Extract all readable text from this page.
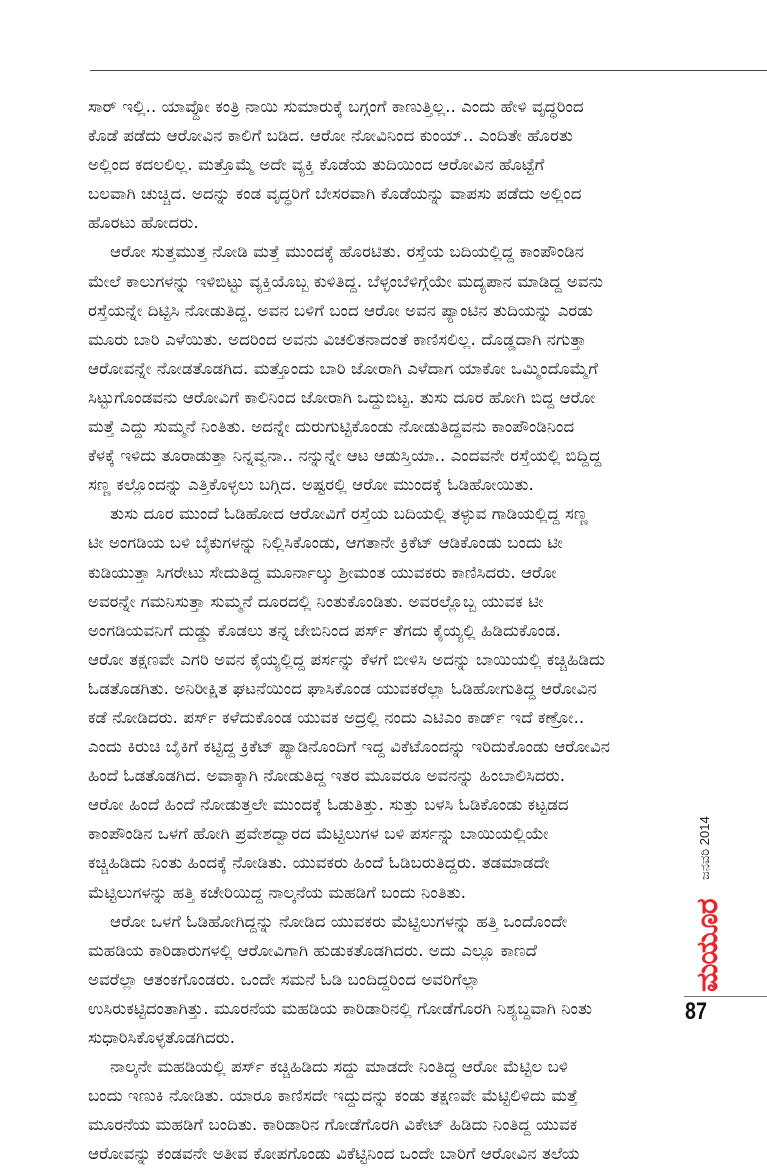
ಸಾರ್ ಇಲ್ಲಿ.. ಯಾವ್ದೋ ಕಂತ್ರಿ ನಾಯಿ ಸುಮಾರುಕ್ಕೆ ಬಗ್ಗಂಗೆ ಕಾಣುತ್ತಿಲ್ಲ.. ಎಂದು ಹೇಳಿ ವೃದ್ಧರಿಂದ
ಕೊಡೆ ಪಡೆದು ಆರೋವಿನ ಕಾಲಿಗೆ ಬಡಿದ. ಆರೋ ನೋವಿನಿಂದ ಕುಂಯ್.. ಎಂದಿತೇ ಹೊರತು
ಅಲ್ಲಿಂದ ಕದಲಲಿಲ್ಲ. ಮತ್ತೊಮ್ಮೆ ಅದೇ ವ್ಯಕ್ತಿ ಕೊಡೆಯ ತುದಿಯಿಂದ ಆರೋವಿನ ಹೊಟ್ಟೆಗೆ
ಬಲವಾಗಿ ಚುಚ್ಚಿದ. ಅದನ್ನು ಕಂಡ ವೃದ್ಧರಿಗೆ ಬೇಸರವಾಗಿ ಕೊಡೆಯನ್ನು ವಾಪಸು ಪಡೆದು ಅಲ್ಲಿಂದ
ಹೊರಟು ಹೋದರು.
ಆರೋ ಸುತ್ತಮುತ್ತ ನೋಡಿ ಮತ್ತೆ ಮುಂದಕ್ಕೆ ಹೊರಟಿತು. ರಸ್ತೆಯ ಬದಿಯಲ್ಲಿದ್ದ ಕಾಂಪೌಂಡಿನ
ಮೇಲೆ ಕಾಲುಗಳನ್ನು ಇಳಿಬಿಟ್ಟು ವ್ಯಕ್ತಿಯೊಬ್ಬ ಕುಳಿತಿದ್ದ. ಬೆಳ್ಳಂಬೆಳಿಗ್ಗೆಯೇ ಮದ್ಯಪಾನ ಮಾಡಿದ್ದ ಅವನು
ರಸ್ತೆಯನ್ನೇ ದಿಟ್ಟಿಸಿ ನೋಡುತಿದ್ದ. ಅವನ ಬಳಿಗೆ ಬಂದ ಆರೋ ಅವನ ಪ್ಯಾಂಟಿನ ತುದಿಯನ್ನು ಎರಡು
ಮೂರು ಬಾರಿ ಎಳೆಯಿತು. ಅದರಿಂದ ಅವನು ವಿಚಲಿತನಾದಂತೆ ಕಾಣಿಸಲಿಲ್ಲ. ದೊಡ್ಡದಾಗಿ ನಗುತ್ತಾ
ಆರೋವನ್ನೇ ನೋಡತೊಡಗಿದ. ಮತ್ತೊಂದು ಬಾರಿ ಜೋರಾಗಿ ಎಳೆದಾಗ ಯಾಕೋ ಒಮ್ಮಿಂದೊಮ್ಮೆಗೆ
ಸಿಟ್ಟುಗೊಂಡವನು ಆರೋವಿಗೆ ಕಾಲಿನಿಂದ ಜೋರಾಗಿ ಒದ್ದುಬಿಟ್ಟ. ತುಸು ದೂರ ಹೋಗಿ ಬಿದ್ದ ಆರೋ
ಮತ್ತೆ ಎದ್ದು ಸುಮ್ಮನೆ ನಿಂತಿತು. ಅದನ್ನೇ ದುರುಗುಟ್ಟಿಕೊಂಡು ನೋಡುತಿದ್ದವನು ಕಾಂಪೌಂಡಿನಿಂದ
ಕೆಳಕ್ಕೆ ಇಳಿದು ತೂರಾಡುತ್ತಾ ನಿನ್ನವ್ವನಾ.. ನನ್ನುನ್ನೇ ಆಟ ಆಡುಸ್ತಿಯಾ.. ಎಂದವನೇ ರಸ್ತೆಯಲ್ಲಿ ಬಿದ್ದಿದ್ದ
ಸಣ್ಣ ಕಲ್ಲೊಂದನ್ನು ಎತ್ತಿಕೊಳ್ಳಲು ಬಗ್ಗಿದ. ಅಷ್ಟರಲ್ಲಿ ಆರೋ ಮುಂದಕ್ಕೆ ಓಡಿಹೋಯಿತು.
ತುಸು ದೂರ ಮುಂದೆ ಓಡಿಹೋದ ಆರೋವಿಗೆ ರಸ್ತೆಯ ಬದಿಯಲ್ಲಿ ತಳ್ಳುವ ಗಾಡಿಯಲ್ಲಿದ್ದ ಸಣ್ಣ
ಟೀ ಅಂಗಡಿಯ ಬಳಿ ಬೈಕುಗಳನ್ನು ನಿಲ್ಲಿಸಿಕೊಂಡು, ಆಗತಾನೇ ಕ್ರಿಕೆಟ್ ಆಡಿಕೊಂಡು ಬಂದು ಟೀ
ಕುಡಿಯುತ್ತಾ ಸಿಗರೇಟು ಸೇದುತಿದ್ದ ಮೂರ್ನಾಲ್ಕು ಶ್ರೀಮಂತ ಯುವಕರು ಕಾಣಿಸಿದರು. ಆರೋ
ಅವರನ್ನೇ ಗಮನಿಸುತ್ತಾ ಸುಮ್ಮನೆ ದೂರದಲ್ಲಿ ನಿಂತುಕೊಂಡಿತು. ಅವರಲ್ಲೊಬ್ಬ ಯುವಕ ಟೀ
ಅಂಗಡಿಯವನಿಗೆ ದುಡ್ಡು ಕೊಡಲು ತನ್ನ ಜೇಬಿನಿಂದ ಪರ್ಸ್ ತೆಗದು ಕೈಯ್ಯಲ್ಲಿ ಹಿಡಿದುಕೊಂಡ.
ಆರೋ ತಕ್ಷಣವೇ ಎಗರಿ ಅವನ ಕೈಯ್ಯಲ್ಲಿದ್ದ ಪರ್ಸನ್ನು ಕೆಳಗೆ ಬೀಳಿಸಿ ಅದನ್ನು ಬಾಯಿಯಲ್ಲಿ ಕಚ್ಚಿಹಿಡಿದು
ಓಡತೊಡಗಿತು. ಅನಿರೀಕ್ಷಿತ ಘಟನೆಯಿಂದ ಘಾಸಿಕೊಂಡ ಯುವಕರೆಲ್ಲಾ ಓಡಿಹೋಗುತಿದ್ದ ಆರೋವಿನ
ಕಡೆ ನೋಡಿದರು. ಪರ್ಸ್ ಕಳೆದುಕೊಂಡ ಯುವಕ ಅದ್ರಲ್ಲಿ ನಂದು ಎಟಿಎಂ ಕಾರ್ಡ್ ಇದೆ ಕಣ್ರೋ..
ಎಂದು ಕಿರುಚಿ ಬೈಕಿಗೆ ಕಟ್ಟಿದ್ದ ಕ್ರಿಕೆಟ್ ಪ್ಯಾಡಿನೊಂದಿಗೆ ಇದ್ದ ವಿಕೆಟೊಂದನ್ನು ಇರಿದುಕೊಂಡು ಆರೋವಿನ
ಹಿಂದೆ ಓಡತೊಡಗಿದ. ಅವಾಕ್ಕಾಗಿ ನೋಡುತಿದ್ದ ಇತರ ಮೂವರೂ ಅವನನ್ನು ಹಿಂಬಾಲಿಸಿದರು.
ಆರೋ ಹಿಂದೆ ಹಿಂದೆ ನೋಡುತ್ತಲೇ ಮುಂದಕ್ಕೆ ಓಡುತಿತ್ತು. ಸುತ್ತು ಬಳಸಿ ಓಡಿಕೊಂಡು ಕಟ್ಟಡದ
ಕಾಂಪೌಂಡಿನ ಒಳಗೆ ಹೋಗಿ ಪ್ರವೇಶದ್ವಾರದ ಮೆಟ್ಟಿಲುಗಳ ಬಳಿ ಪರ್ಸನ್ನು ಬಾಯಿಯಲ್ಲಿಯೇ
ಕಚ್ಚಿಹಿಡಿದು ನಿಂತು ಹಿಂದಕ್ಕೆ ನೋಡಿತು. ಯುವಕರು ಹಿಂದೆ ಓಡಿಬರುತಿದ್ದರು. ತಡಮಾಡದೇ
ಮೆಟ್ಟಿಲುಗಳನ್ನು ಹತ್ತಿ ಕಚೇರಿಯಿದ್ದ ನಾಲ್ಕನೆಯ ಮಹಡಿಗೆ ಬಂದು ನಿಂತಿತು.
ಆರೋ ಒಳಗೆ ಓಡಿಹೋಗಿದ್ದನ್ನು ನೋಡಿದ ಯುವಕರು ಮೆಟ್ಟಿಲುಗಳನ್ನು ಹತ್ತಿ ಒಂದೊಂದೇ
ಮಹಡಿಯ ಕಾರಿಡಾರುಗಳಲ್ಲಿ ಆರೋವಿಗಾಗಿ ಹುಡುಕತೊಡಗಿದರು. ಅದು ಎಲ್ಲೂ ಕಾಣದೆ
ಅವರೆಲ್ಲಾ ಆತಂಕಗೊಂಡರು. ಒಂದೇ ಸಮನೆ ಓಡಿ ಬಂದಿದ್ದರಿಂದ ಅವರಿಗೆಲ್ಲಾ
ಉಸಿರುಕಟ್ಟಿದಂತಾಗಿತ್ತು. ಮೂರನೆಯ ಮಹಡಿಯ ಕಾರಿಡಾರಿನಲ್ಲಿ ಗೋಡೆಗೊರಗಿ ನಿಶ್ಯಬ್ದವಾಗಿ ನಿಂತು
ಸುಧಾರಿಸಿಕೊಳ್ಳತೊಡಗಿದರು.
ನಾಲ್ಕನೇ ಮಹಡಿಯಲ್ಲಿ ಪರ್ಸ್ ಕಚ್ಚಿಹಿಡಿದು ಸದ್ದು ಮಾಡದೇ ನಿಂತಿದ್ದ ಆರೋ ಮೆಟ್ಟಿಲ ಬಳಿ
ಬಂದು ಇಣುಕಿ ನೋಡಿತು. ಯಾರೂ ಕಾಣಿಸದೇ ಇದ್ದುದನ್ನು ಕಂಡು ತಕ್ಷಣವೇ ಮೆಟ್ಟಿಲಿಳಿದು ಮತ್ತೆ
ಮೂರನೆಯ ಮಹಡಿಗೆ ಬಂದಿತು. ಕಾರಿಡಾರಿನ ಗೋಡೆಗೊರಗಿ ವಿಕೇಟ್ ಹಿಡಿದು ನಿಂತಿದ್ದ ಯುವಕ
ಆರೋವನ್ನು ಕಂಡವನೇ ಅತೀವ ಕೋಪಗೊಂಡು ವಿಕೆಟ್ಟಿನಿಂದ ಒಂದೇ ಬಾರಿಗೆ ಆರೋವಿನ ತಲೆಯ
ಜನವರಿ 2014
ಮಯೂರ
87
